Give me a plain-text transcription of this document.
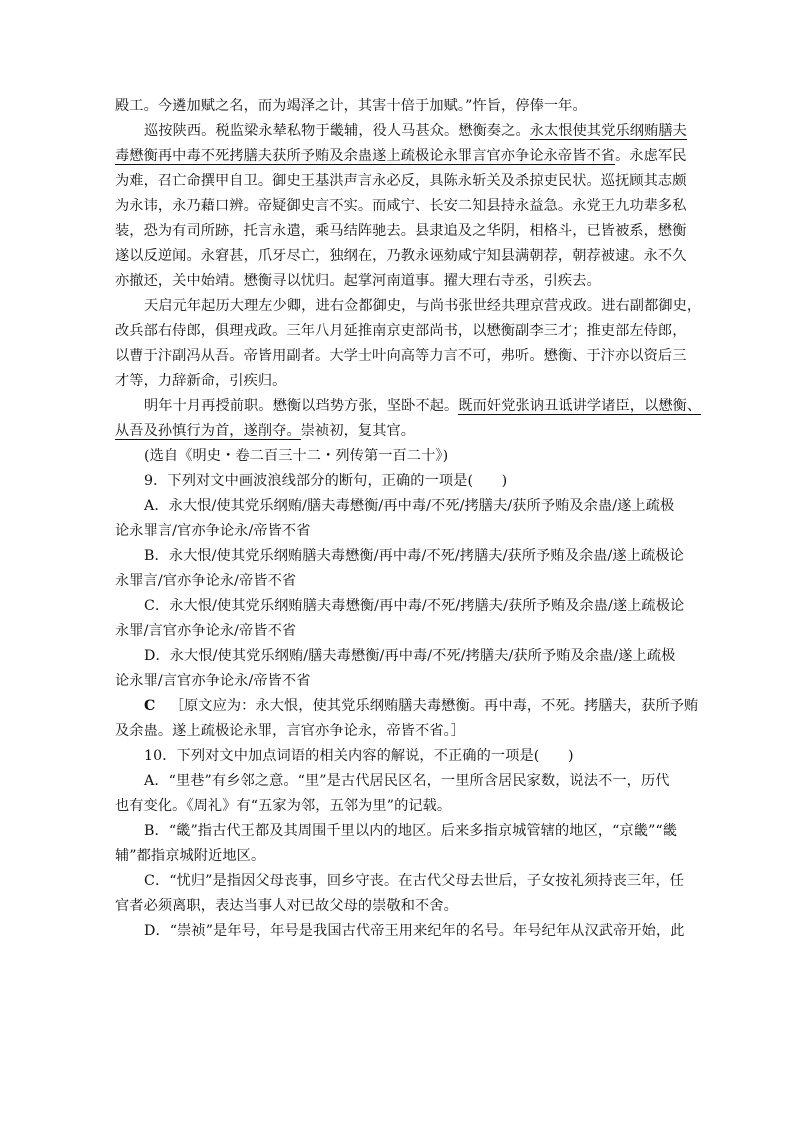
殿工。今遴加赋之名，而为竭泽之计，其害十倍于加赋。”忤旨，停俸一年。
巡按陕西。税监梁永辇私物于畿辅，役人马甚众。懋衡奏之。永太恨使其党乐纲贿膳夫
毒懋衡再中毒不死拷膳夫获所予贿及余蛊遂上疏极论永罪言官亦争论永帝皆不省。永虑军民
为难，召亡命撰甲自卫。御史王基洪声言永必反，具陈永斩关及杀掠吏民状。巡抚顾其志颇
为永讳，永乃藉口辨。帝疑御史言不实。而咸宁、长安二知县持永益急。永党王九功辈多私
装，恐为有司所跡，托言永遣，乘马结阵驰去。县隶追及之华阴，相格斗，已皆被系，懋衡
遂以反逆闻。永窘甚，爪牙尽亡，独纲在，乃教永诬劾咸宁知县满朝荐，朝荐被逮。永不久
亦撤还，关中始靖。懋衡寻以忧归。起掌河南道事。擢大理右寺丞，引疾去。
天启元年起历大理左少卿，进右佥都御史，与尚书张世经共理京营戎政。进右副都御史，
改兵部右侍郎，俱理戎政。三年八月延推南京吏部尚书，以懋衡副李三才；推吏部左侍郎，
以曹于汴副冯从吾。帝皆用副者。大学士叶向高等力言不可，弗听。懋衡、于汴亦以资后三
才等，力辞新命，引疾归。
明年十月再授前职。懋衡以珰势方张，坚卧不起。既而奸党张讷丑诋讲学诸臣，以懋衡、
从吾及孙慎行为首，遂削夺。崇祯初，复其官。
(选自《明史・卷二百三十二・列传第一百二十》)
9．下列对文中画波浪线部分的断句，正确的一项是(　　)
A．永大恨/使其党乐纲贿/膳夫毒懋衡/再中毒/不死/拷膳夫/获所予贿及余蛊/遂上疏极
论永罪言/官亦争论永/帝皆不省
B．永大恨/使其党乐纲贿膳夫毒懋衡/再中毒/不死/拷膳夫/获所予贿及余蛊/遂上疏极论
永罪言/官亦争论永/帝皆不省
C．永大恨/使其党乐纲贿膳夫毒懋衡/再中毒/不死/拷膳夫/获所予贿及余蛊/遂上疏极论
永罪/言官亦争论永/帝皆不省
D．永大恨/使其党乐纲贿/膳夫毒懋衡/再中毒/不死/拷膳夫/获所予贿及余蛊/遂上疏极
论永罪/言官亦争论永/帝皆不省
C  ［原文应为：永大恨，使其党乐纲贿膳夫毒懋衡。再中毒，不死。拷膳夫，获所予贿
及余蛊。遂上疏极论永罪，言官亦争论永，帝皆不省。］
10．下列对文中加点词语的相关内容的解说，不正确的一项是(　　)
A．“里巷”有乡邻之意。“里”是古代居民区名，一里所含居民家数，说法不一，历代
也有变化。《周礼》有“五家为邻，五邻为里”的记载。
B．“畿”指古代王都及其周围千里以内的地区。后来多指京城管辖的地区，“京畿”“畿
辅”都指京城附近地区。
C．“忧归”是指因父母丧事，回乡守丧。在古代父母去世后，子女按礼须持丧三年，任
官者必须离职，表达当事人对已故父母的崇敬和不舍。
D．“崇祯”是年号，年号是我国古代帝王用来纪年的名号。年号纪年从汉武帝开始，此
